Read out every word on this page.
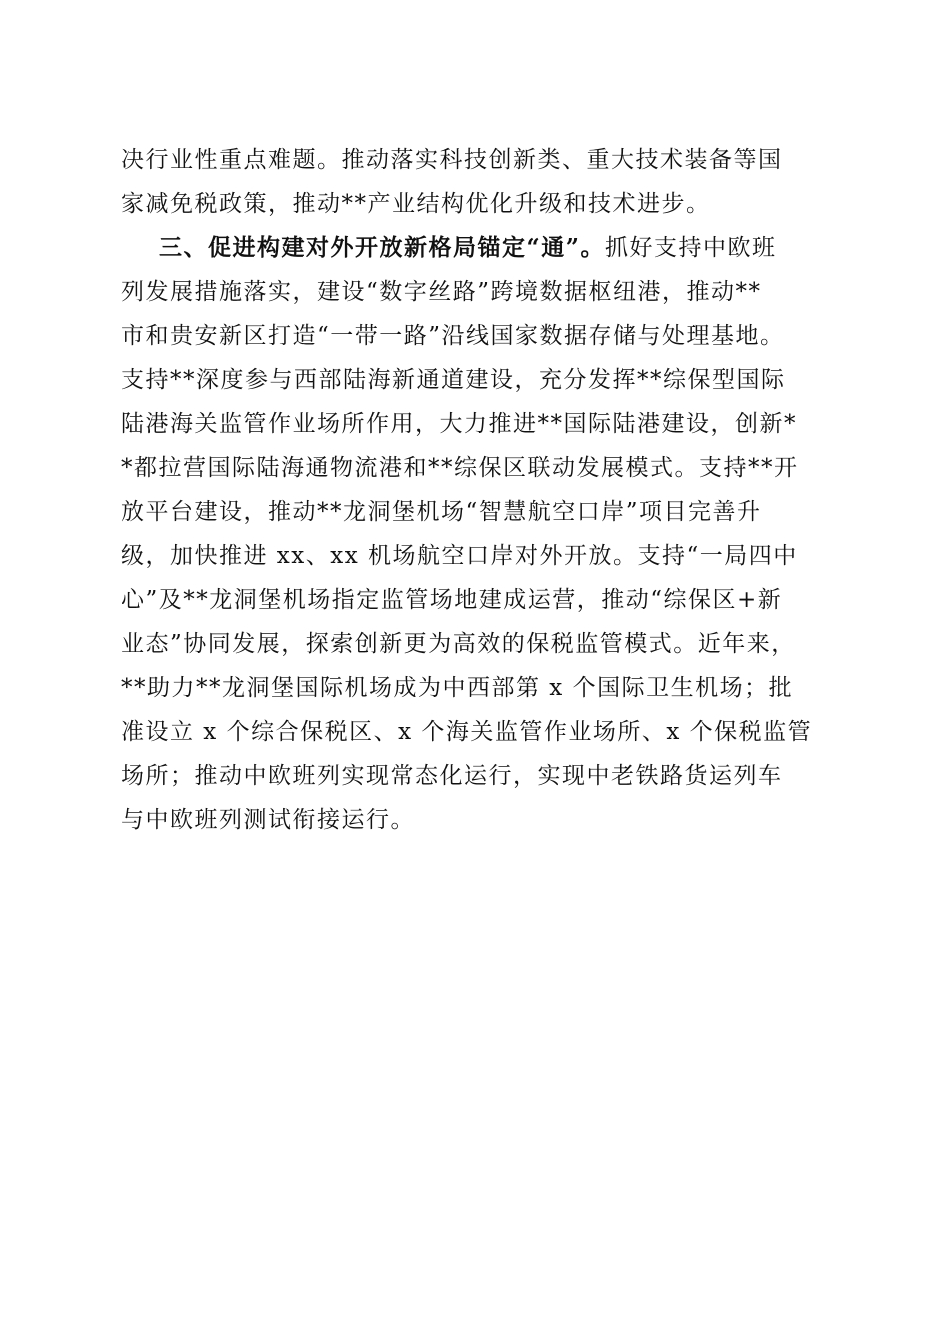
决行业性重点难题。推动落实科技创新类、重大技术装备等国
家减免税政策，推动**产业结构优化升级和技术进步。
三、促进构建对外开放新格局锚定“通”。抓好支持中欧班
列发展措施落实，建设“数字丝路”跨境数据枢纽港，推动**
市和贵安新区打造“一带一路”沿线国家数据存储与处理基地。
支持**深度参与西部陆海新通道建设，充分发挥**综保型国际
陆港海关监管作业场所作用，大力推进**国际陆港建设，创新*
*都拉营国际陆海通物流港和**综保区联动发展模式。支持**开
放平台建设，推动**龙洞堡机场“智慧航空口岸”项目完善升
级，加快推进 xx、xx 机场航空口岸对外开放。支持“一局四中
心”及**龙洞堡机场指定监管场地建成运营，推动“综保区+新
业态”协同发展，探索创新更为高效的保税监管模式。近年来，
**助力**龙洞堡国际机场成为中西部第 x 个国际卫生机场；批
准设立 x 个综合保税区、x 个海关监管作业场所、x 个保税监管
场所；推动中欧班列实现常态化运行，实现中老铁路货运列车
与中欧班列测试衔接运行。
